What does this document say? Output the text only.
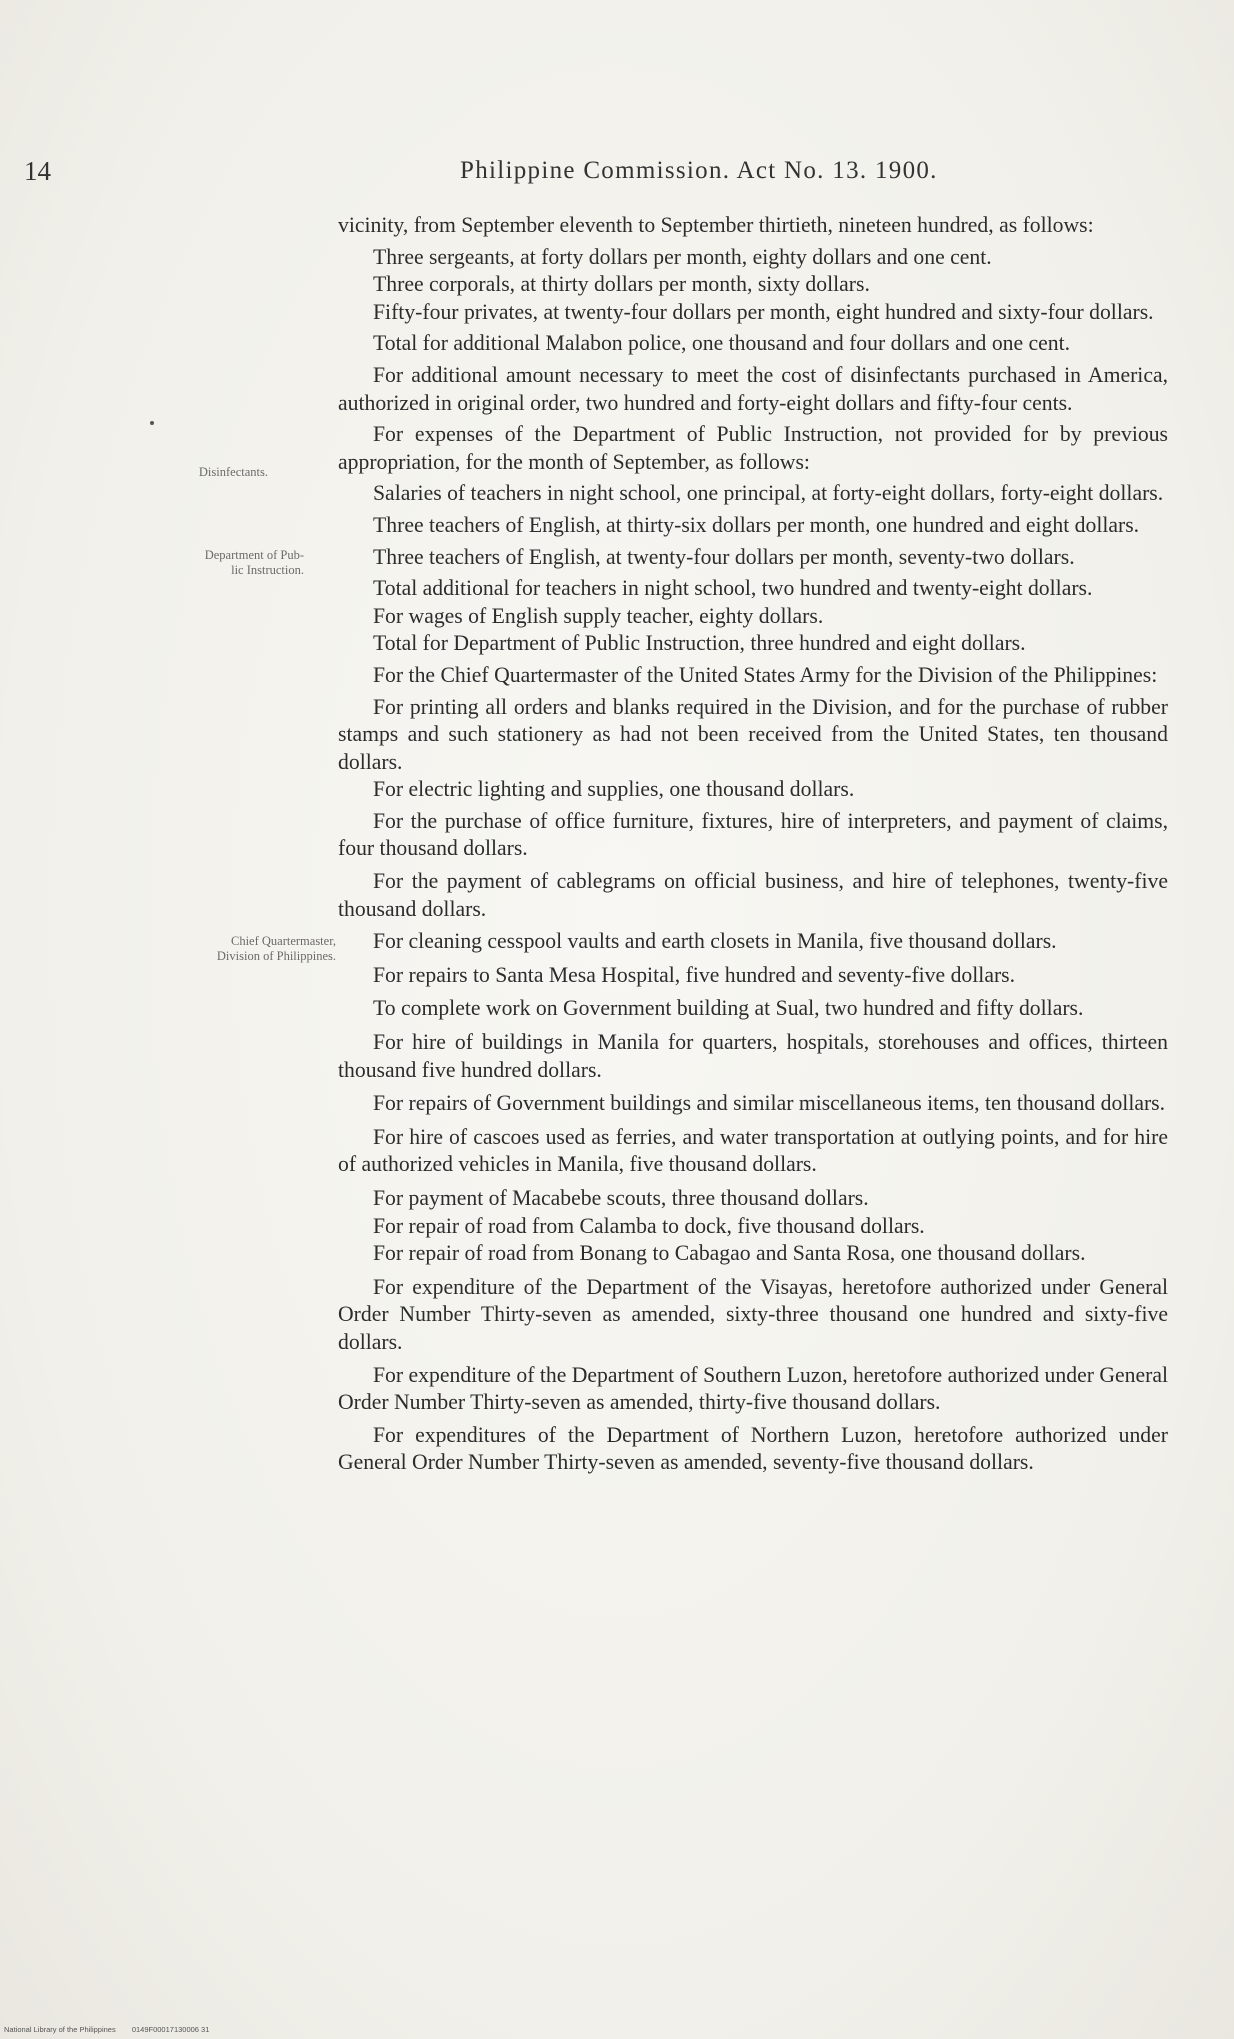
14	Philippine Commission. Act No. 13. 1900.
Disinfectants.
Department of Pub-
lic Instruction.
Chief Quartermaster,
Division of Philippines.

vicinity, from September eleventh to September thirtieth, nineteen hundred, as follows:

Three sergeants, at forty dollars per month, eighty dollars and one cent.

Three corporals, at thirty dollars per month, sixty dollars.

Fifty-four privates, at twenty-four dollars per month, eight hundred and sixty-four dollars.

Total for additional Malabon police, one thousand and four dollars and one cent.

For additional amount necessary to meet the cost of disinfectants purchased in America, authorized in original order, two hundred and forty-eight dollars and fifty-four cents.

For expenses of the Department of Public Instruction, not provided for by previous appropriation, for the month of September, as follows:

Salaries of teachers in night school, one principal, at forty-eight dollars, forty-eight dollars.

Three teachers of English, at thirty-six dollars per month, one hundred and eight dollars.

Three teachers of English, at twenty-four dollars per month, seventy-two dollars.

Total additional for teachers in night school, two hundred and twenty-eight dollars.

For wages of English supply teacher, eighty dollars.

Total for Department of Public Instruction, three hundred and eight dollars.

For the Chief Quartermaster of the United States Army for the Division of the Philippines:

For printing all orders and blanks required in the Division, and for the purchase of rubber stamps and such stationery as had not been received from the United States, ten thousand dollars.

For electric lighting and supplies, one thousand dollars.

For the purchase of office furniture, fixtures, hire of interpreters, and payment of claims, four thousand dollars.

For the payment of cablegrams on official business, and hire of telephones, twenty-five thousand dollars.

For cleaning cesspool vaults and earth closets in Manila, five thousand dollars.

For repairs to Santa Mesa Hospital, five hundred and seventy-five dollars.

To complete work on Government building at Sual, two hundred and fifty dollars.

For hire of buildings in Manila for quarters, hospitals, storehouses and offices, thirteen thousand five hundred dollars.

For repairs of Government buildings and similar miscellaneous items, ten thousand dollars.

For hire of cascoes used as ferries, and water transportation at outlying points, and for hire of authorized vehicles in Manila, five thousand dollars.

For payment of Macabebe scouts, three thousand dollars.

For repair of road from Calamba to dock, five thousand dollars.

For repair of road from Bonang to Cabagao and Santa Rosa, one thousand dollars.

For expenditure of the Department of the Visayas, heretofore authorized under General Order Number Thirty-seven as amended, sixty-three thousand one hundred and sixty-five dollars.

For expenditure of the Department of Southern Luzon, heretofore authorized under General Order Number Thirty-seven as amended, thirty-five thousand dollars.

For expenditures of the Department of Northern Luzon, heretofore authorized under General Order Number Thirty-seven as amended, seventy-five thousand dollars.

National Library of the Philippines 0149F00017130006 31
